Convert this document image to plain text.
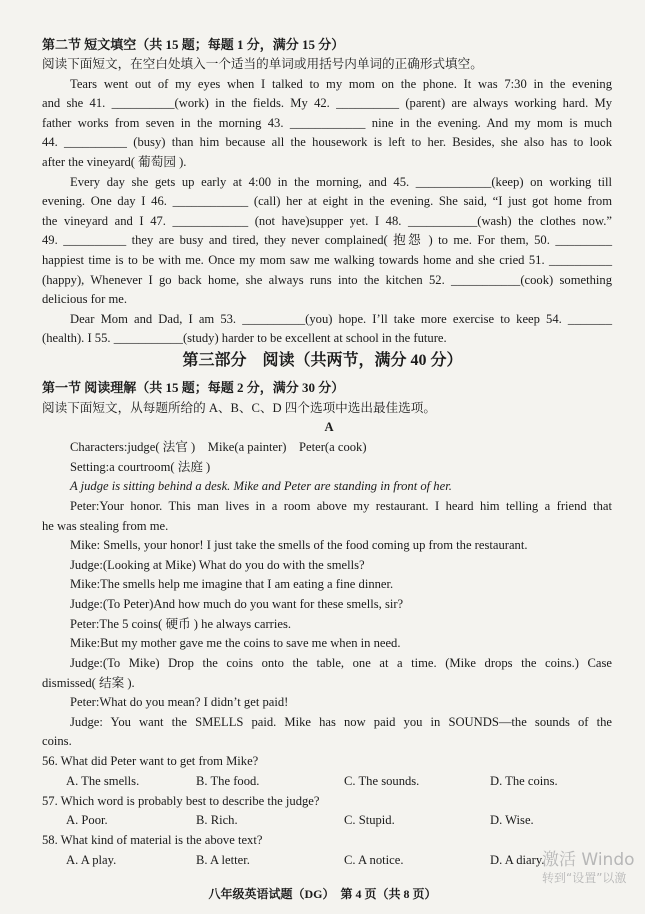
第二节 短文填空（共 15 题；每题 1 分，满分 15 分）
阅读下面短文，在空白处填入一个适当的单词或用括号内单词的正确形式填空。
Tears went out of my eyes when I talked to my mom on the phone. It was 7:30 in the evening
and she 41. __________(work) in the fields. My 42. __________ (parent) are always working hard. My
father works from seven in the morning 43. ____________ nine in the evening. And my mom is much
44. __________ (busy) than him because all the housework is left to her. Besides, she also has to look
after the vineyard( 葡萄园 ).
Every day she gets up early at 4:00 in the morning, and 45. ____________(keep) on working till
evening. One day I 46. ____________ (call) her at eight in the evening. She said, “I just got home from
the vineyard and I 47. ____________ (not have)supper yet. I 48. ___________(wash) the clothes now.”
49. __________ they are busy and tired, they never complained( 抱怨 ) to me. For them, 50. _________
happiest time is to be with me. Once my mom saw me walking towards home and she cried 51. __________
(happy), Whenever I go back home, she always runs into the kitchen 52. ___________(cook) something
delicious for me.
Dear Mom and Dad, I am 53. __________(you) hope. I’ll take more exercise to keep 54. _______
(health). I 55. ___________(study) harder to be excellent at school in the future.
第三部分　阅读（共两节，满分 40 分）
第一节 阅读理解（共 15 题；每题 2 分，满分 30 分）
阅读下面短文，从每题所给的 A、B、C、D 四个选项中选出最佳选项。
A
Characters:judge( 法官 )　Mike(a painter)　Peter(a cook)
Setting:a courtroom( 法庭 )
A judge is sitting behind a desk. Mike and Peter are standing in front of her.
Peter:Your honor. This man lives in a room above my restaurant. I heard him telling a friend that
he was stealing from me.
Mike: Smells, your honor! I just take the smells of the food coming up from the restaurant.
Judge:(Looking at Mike) What do you do with the smells?
Mike:The smells help me imagine that I am eating a fine dinner.
Judge:(To Peter)And how much do you want for these smells, sir?
Peter:The 5 coins( 硬币 ) he always carries.
Mike:But my mother gave me the coins to save me when in need.
Judge:(To Mike) Drop the coins onto the table, one at a time. (Mike drops the coins.) Case
dismissed( 结案 ).
Peter:What do you mean? I didn’t get paid!
Judge: You want the SMELLS paid. Mike has now paid you in SOUNDS—the sounds of the
coins.
56. What did Peter want to get from Mike?
A. The smells.	B. The food.	C. The sounds.	D. The coins.
57. Which word is probably best to describe the judge?
A. Poor.	B. Rich.	C. Stupid.	D. Wise.
58. What kind of material is the above text?
A. A play.	B. A letter.	C. A notice.	D. A diary.
八年级英语试题（DG）　第 4 页（共 8 页）
激活 Windo
转到“设置”以激
